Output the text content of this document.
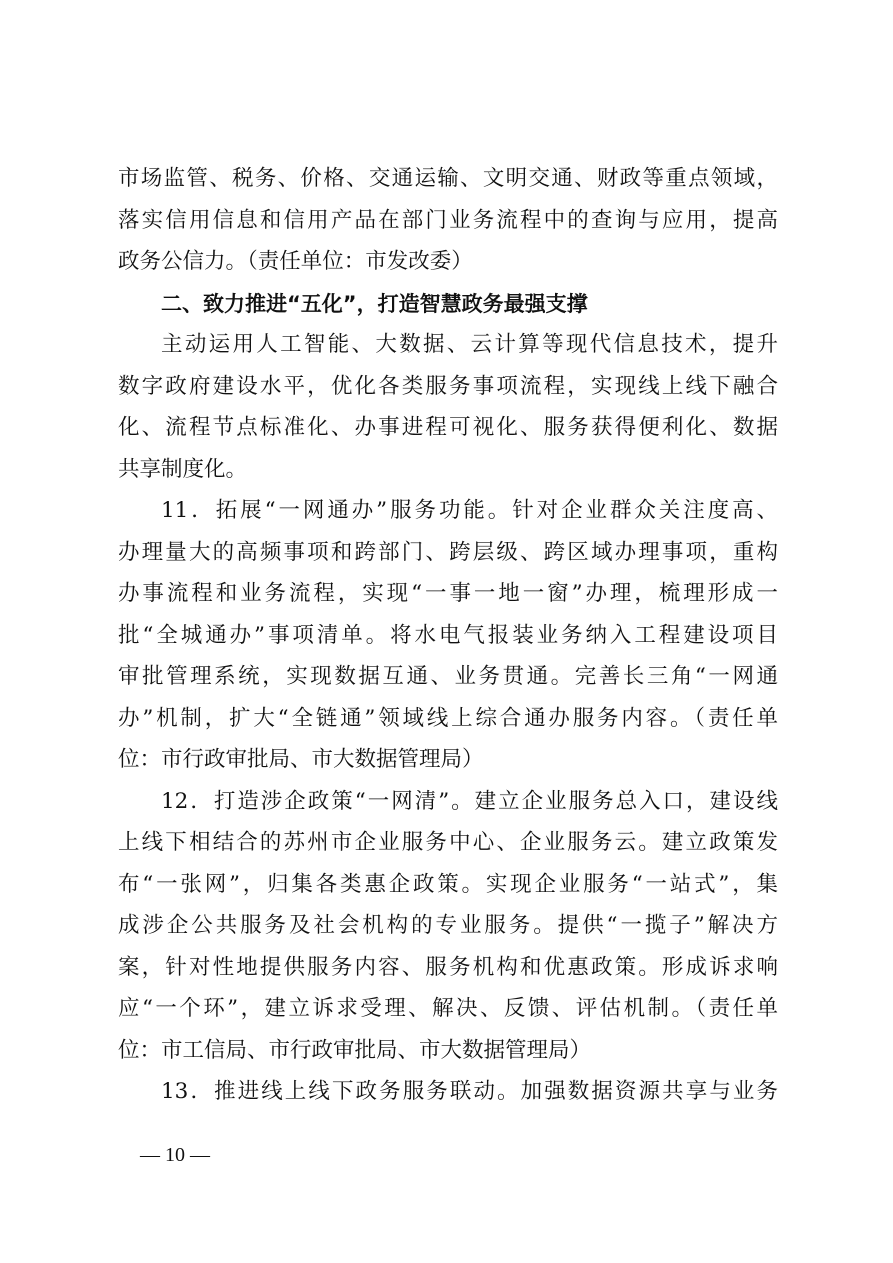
市场监管、税务、价格、交通运输、文明交通、财政等重点领域，
落实信用信息和信用产品在部门业务流程中的查询与应用，提高
政务公信力。（责任单位：市发改委）
二、致力推进“五化”，打造智慧政务最强支撑
主动运用人工智能、大数据、云计算等现代信息技术，提升
数字政府建设水平，优化各类服务事项流程，实现线上线下融合
化、流程节点标准化、办事进程可视化、服务获得便利化、数据
共享制度化。
11．拓展“一网通办”服务功能。针对企业群众关注度高、
办理量大的高频事项和跨部门、跨层级、跨区域办理事项，重构
办事流程和业务流程，实现“一事一地一窗”办理，梳理形成一
批“全城通办”事项清单。将水电气报装业务纳入工程建设项目
审批管理系统，实现数据互通、业务贯通。完善长三角“一网通
办”机制，扩大“全链通”领域线上综合通办服务内容。（责任单
位：市行政审批局、市大数据管理局）
12．打造涉企政策“一网清”。建立企业服务总入口，建设线
上线下相结合的苏州市企业服务中心、企业服务云。建立政策发
布“一张网”，归集各类惠企政策。实现企业服务“一站式”，集
成涉企公共服务及社会机构的专业服务。提供“一揽子”解决方
案，针对性地提供服务内容、服务机构和优惠政策。形成诉求响
应“一个环”，建立诉求受理、解决、反馈、评估机制。（责任单
位：市工信局、市行政审批局、市大数据管理局）
13．推进线上线下政务服务联动。加强数据资源共享与业务
— 10 —
